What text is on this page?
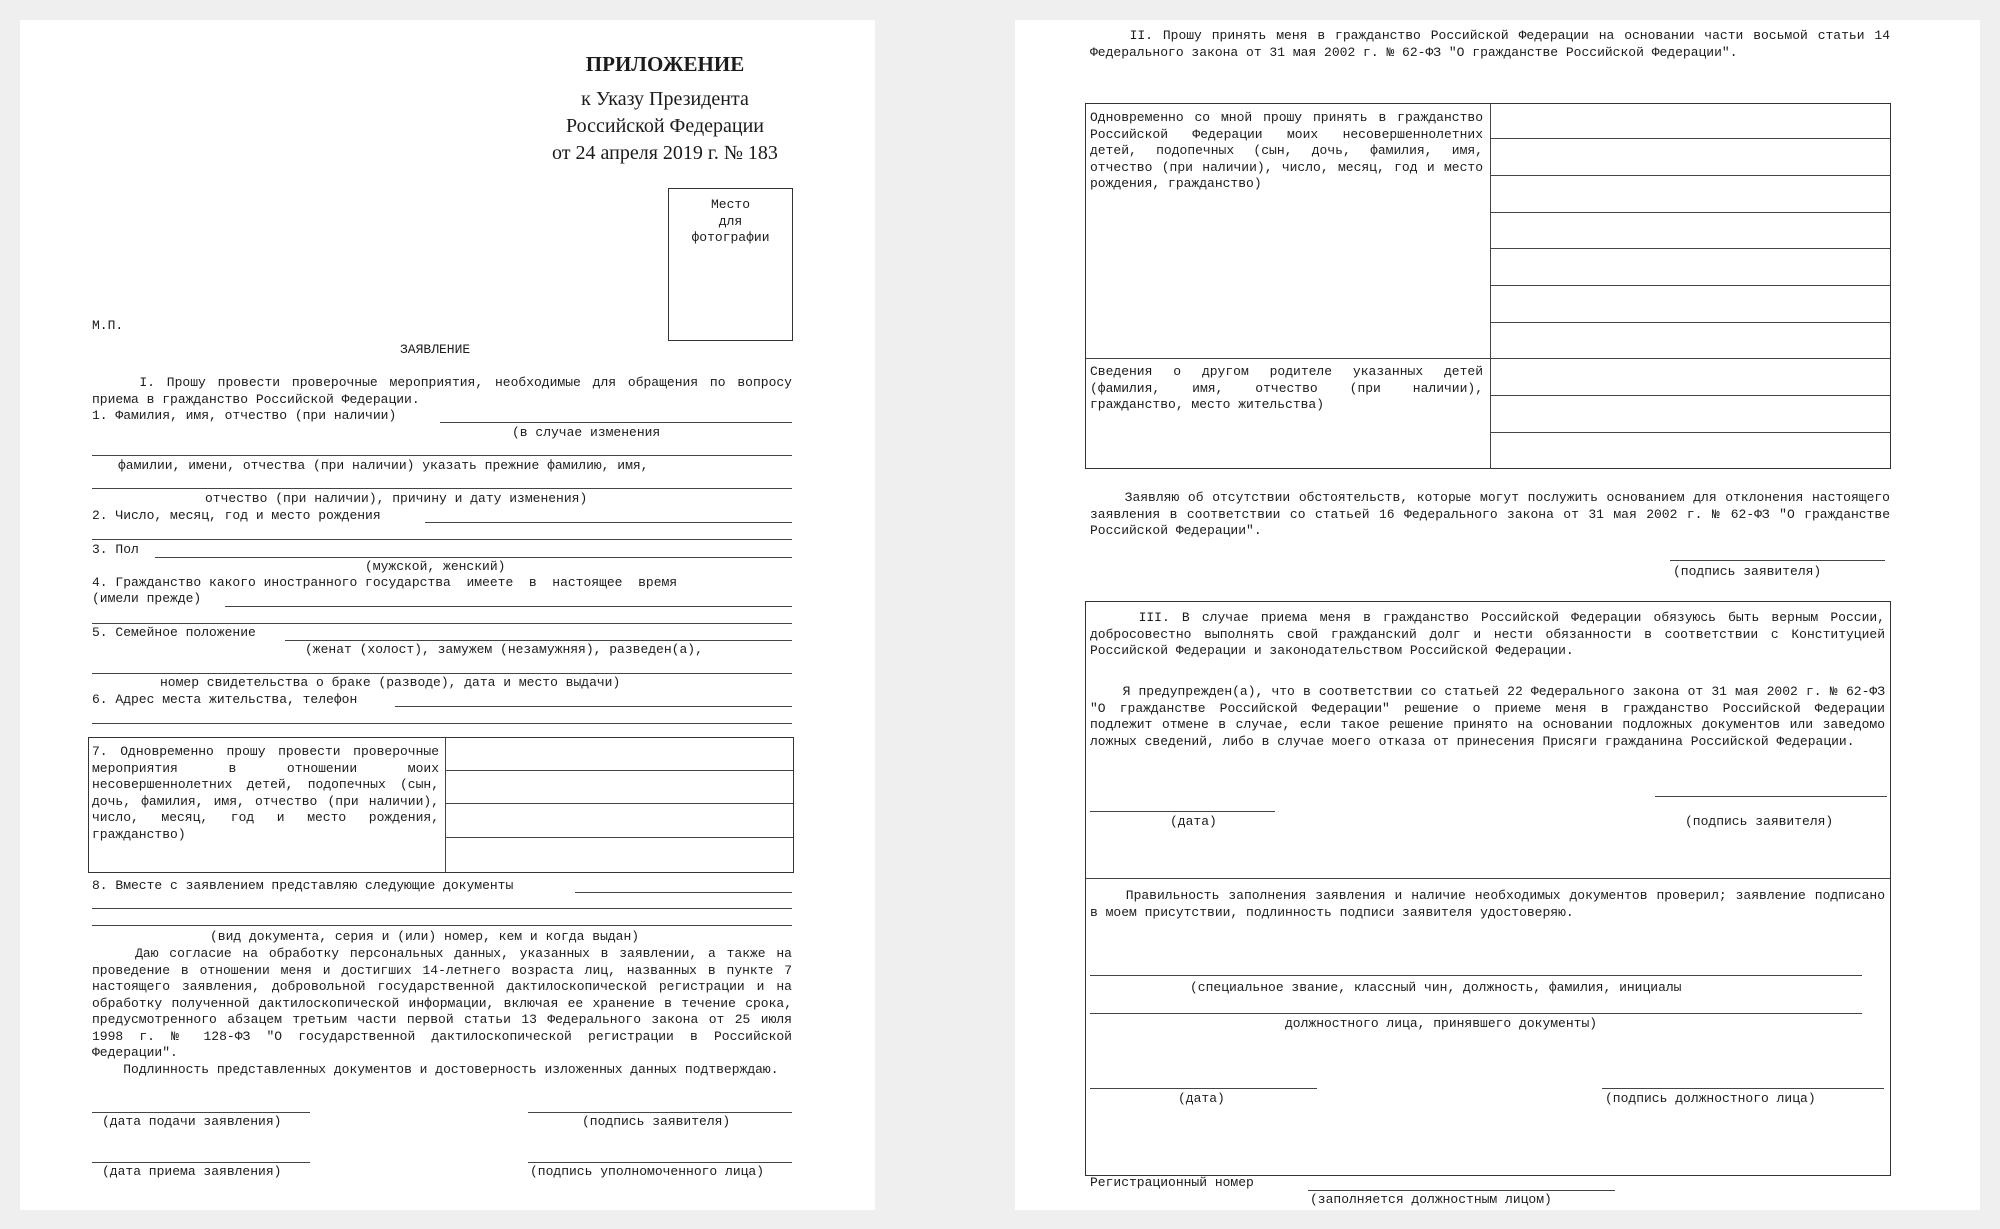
ПРИЛОЖЕНИЕ
к Указу Президента
Российской Федерации
от 24 апреля 2019 г. № 183
Место
для
фотографии
М.П.
ЗАЯВЛЕНИЕ
I. Прошу провести проверочные мероприятия, необходимые для обращения по вопросу приема в гражданство Российской Федерации.
1. Фамилия, имя, отчество (при наличии)
(в случае изменения
фамилии, имени, отчества (при наличии) указать прежние фамилию, имя,
отчество (при наличии), причину и дату изменения)
2. Число, месяц, год и место рождения
3. Пол
(мужской, женский)
4. Гражданство какого иностранного государства  имеете  в  настоящее  время
(имели прежде)
5. Семейное положение
(женат (холост), замужем (незамужняя), разведен(а),
номер свидетельства о браке (разводе), дата и место выдачи)
6. Адрес места жительства, телефон
7. Одновременно прошу провести проверочные мероприятия в отношении моих несовершеннолетних детей, подопечных (сын, дочь, фамилия, имя, отчество (при наличии), число, месяц, год и место рождения, гражданство)
8. Вместе с заявлением представляю следующие документы
(вид документа, серия и (или) номер, кем и когда выдан)
Даю согласие на обработку персональных данных, указанных в заявлении, а также на проведение в отношении меня и достигших 14-летнего возраста лиц, названных в пункте 7 настоящего заявления, добровольной государственной дактилоскопической регистрации и на обработку полученной дактилоскопической информации, включая ее хранение в течение срока, предусмотренного абзацем третьим части первой статьи 13 Федерального закона от 25 июля 1998 г. № 128-ФЗ "О государственной дактилоскопической регистрации в Российской Федерации".
Подлинность представленных документов и достоверность изложенных данных подтверждаю.
(дата подачи заявления)	(подпись заявителя)
(дата приема заявления)	(подпись уполномоченного лица)
II. Прошу принять меня в гражданство Российской Федерации на основании части восьмой статьи 14 Федерального закона от 31 мая 2002 г. № 62-ФЗ "О гражданстве Российской Федерации".
Одновременно со мной прошу принять в гражданство Российской Федерации моих несовершеннолетних детей, подопечных (сын, дочь, фамилия, имя, отчество (при наличии), число, месяц, год и место рождения, гражданство)
Сведения о другом родителе указанных детей (фамилия, имя, отчество (при наличии), гражданство, место жительства)
Заявляю об отсутствии обстоятельств, которые могут послужить основанием для отклонения настоящего заявления в соответствии со статьей 16 Федерального закона от 31 мая 2002 г. № 62-ФЗ "О гражданстве Российской Федерации".
(подпись заявителя)
III. В случае приема меня в гражданство Российской Федерации обязуюсь быть верным России, добросовестно выполнять свой гражданский долг и нести обязанности в соответствии с Конституцией Российской Федерации и законодательством Российской Федерации.
Я предупрежден(а), что в соответствии со статьей 22 Федерального закона от 31 мая 2002 г. № 62-ФЗ "О гражданстве Российской Федерации" решение о приеме меня в гражданство Российской Федерации подлежит отмене в случае, если такое решение принято на основании подложных документов или заведомо ложных сведений, либо в случае моего отказа от принесения Присяги гражданина Российской Федерации.
(дата)	(подпись заявителя)
Правильность заполнения заявления и наличие необходимых документов проверил; заявление подписано в моем присутствии, подлинность подписи заявителя удостоверяю.
(специальное звание, классный чин, должность, фамилия, инициалы
должностного лица, принявшего документы)
(дата)	(подпись должностного лица)
Регистрационный номер
(заполняется должностным лицом)
